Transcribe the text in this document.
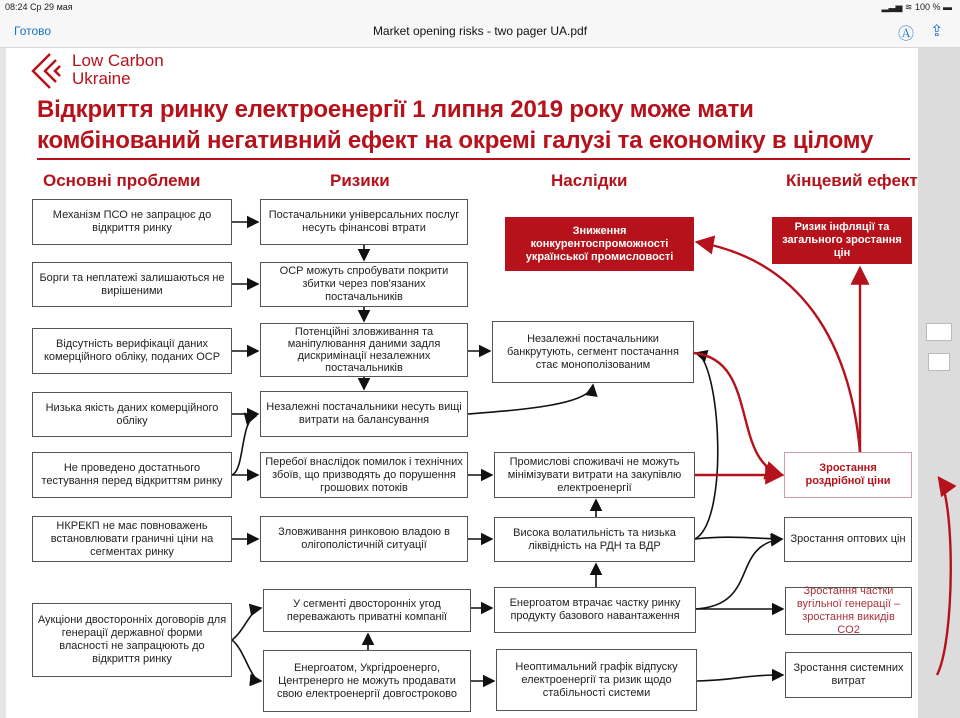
08:24 Ср 29 мая	▂▃▅ ≋ 100 % ▬
Готово	Market opening risks - two pager UA.pdf	Ⓐ ⇪
Low Carbon
Ukraine
Відкриття ринку електроенергії 1 липня 2019 року може мати
комбінований негативний ефект на окремі галузі та економіку в цілому
Основні проблеми	Ризики	Наслідки	Кінцевий ефект
Механізм ПСО не запрацює до відкриття ринку
Борги та неплатежі залишаються не вирішеними
Відсутність верифікації даних комерційного обліку, поданих ОСР
Низька якість даних комерційного обліку
Не проведено достатнього тестування перед відкриттям ринку
НКРЕКП не має повноважень встановлювати граничні ціни на сегментах ринку
Аукціони двосторонніх договорів для генерації державної форми власності не запрацюють до відкриття ринку
Постачальники універсальних послуг несуть фінансові втрати
ОСР можуть спробувати покрити збитки через пов'язаних постачальників
Потенційні зловживання та маніпулювання даними задля дискримінації незалежних постачальників
Незалежні постачальники несуть вищі витрати на балансування
Перебої внаслідок помилок і технічних збоїв, що призводять до порушення грошових потоків
Зловживання ринковою владою в олігополістичній ситуації
У сегменті двосторонніх угод переважають приватні компанії
Енергоатом, Укргідроенерго, Центренерго не можуть продавати свою електроенергії довгостроково
Зниження конкурентоспроможності української промисловості
Незалежні постачальники банкрутують, сегмент постачання стає монополізованим
Промислові споживачі не можуть мінімізувати витрати на закупівлю електроенергії
Висока волатильність та низька ліквідність на РДН та ВДР
Енергоатом втрачає частку ринку продукту базового навантаження
Неоптимальний графік відпуску електроенергії та ризик щодо стабільності системи
Ризик інфляції та загального зростання цін
Зростання роздрібної ціни
Зростання оптових цін
Зростання частки вугільної генерації – зростання викидів CO2
Зростання системних витрат
